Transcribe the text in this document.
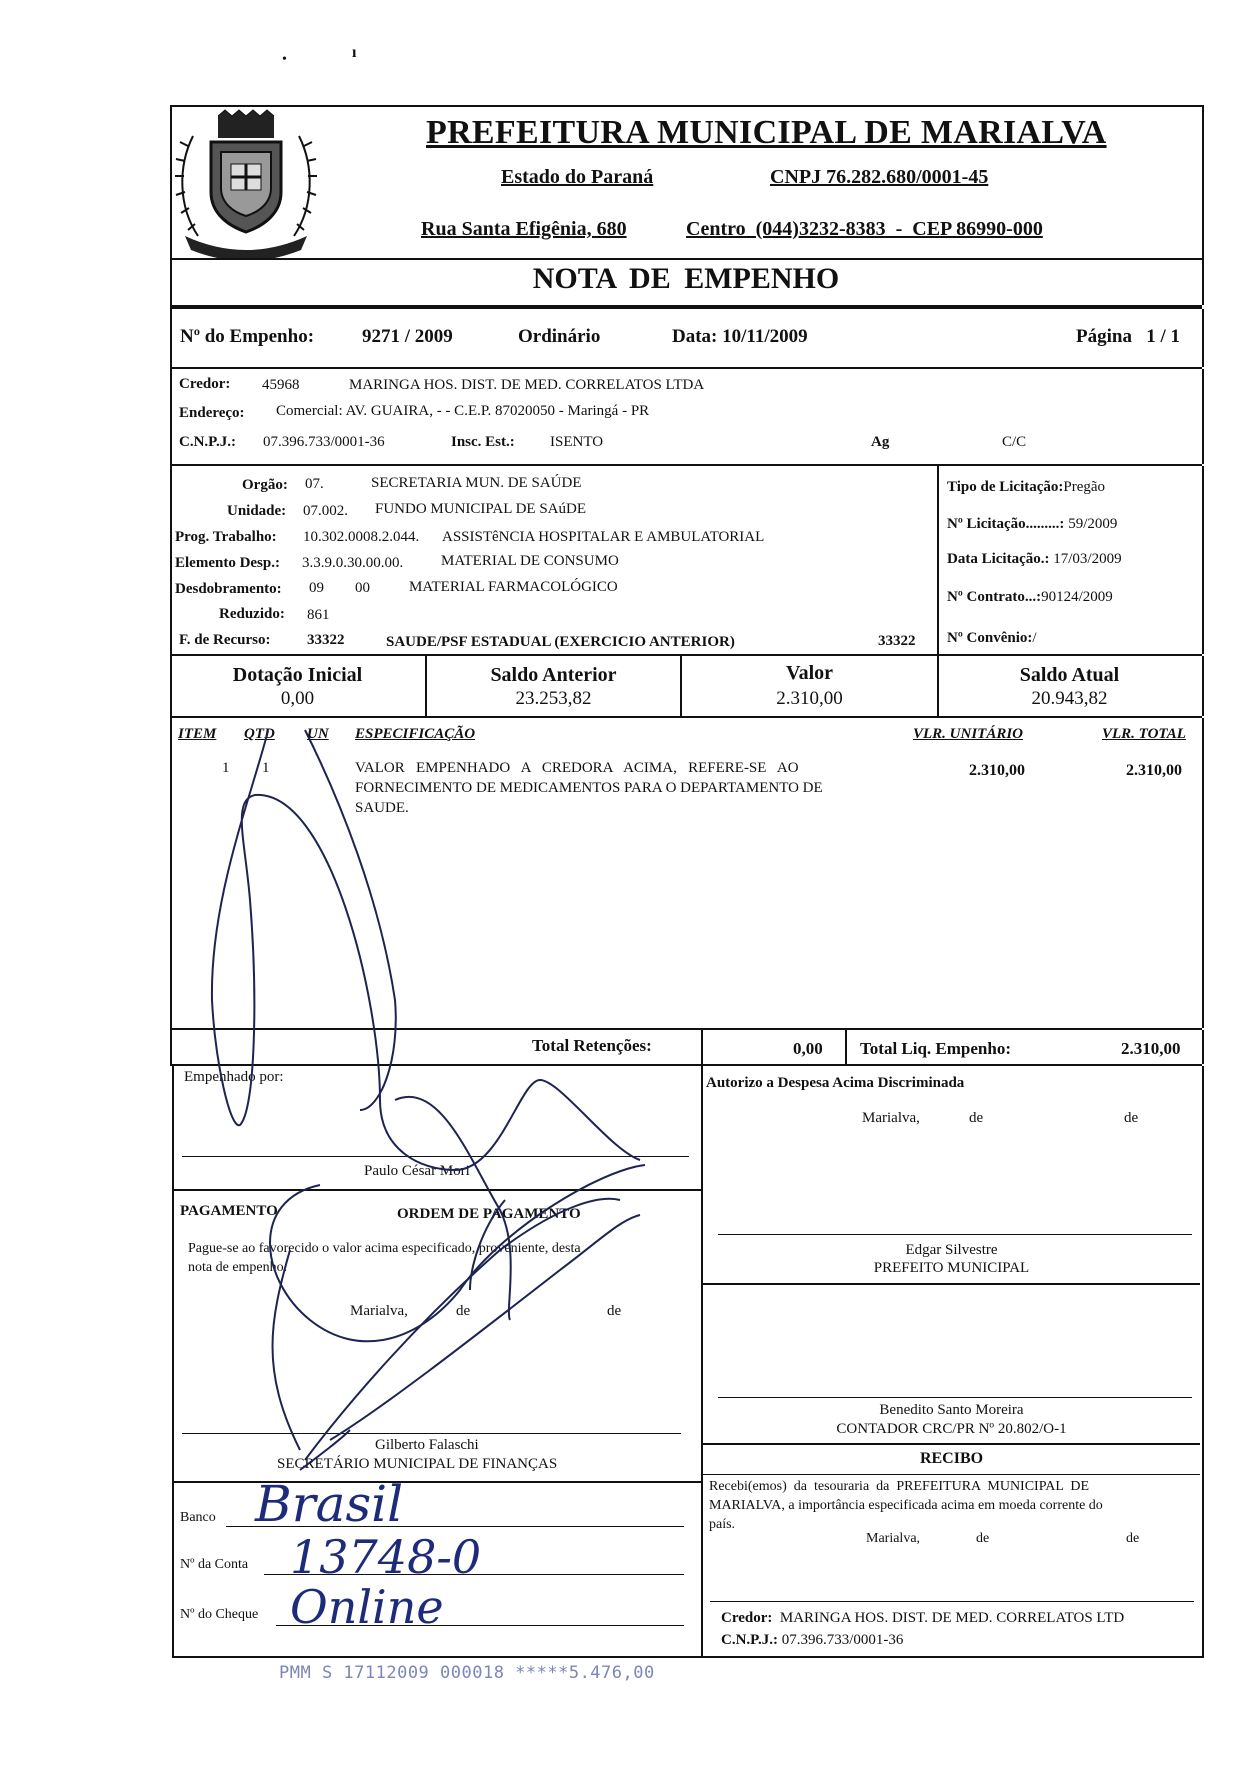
•	ı
MARIALVA
PREFEITURA MUNICIPAL DE MARIALVA
Estado do Paraná	CNPJ 76.282.680/0001-45
Rua Santa Efigênia, 680	Centro  (044)3232-8383  -  CEP 86990-000
NOTA DE EMPENHO
Nº do Empenho:	9271 / 2009	Ordinário	Data: 10/11/2009	Página   1 / 1
Credor: 45968	MARINGA HOS. DIST. DE MED. CORRELATOS LTDA
Endereço: Comercial: AV. GUAIRA, - - C.E.P. 87020050 - Maringá - PR
C.N.P.J.: 07.396.733/0001-36	Insc. Est.: ISENTO	Ag	C/C
Orgão: 07.	SECRETARIA MUN. DE SAÚDE
Unidade: 07.002. FUNDO MUNICIPAL DE SAúDE
Prog. Trabalho: 10.302.0008.2.044. ASSISTêNCIA HOSPITALAR E AMBULATORIAL
Elemento Desp.: 3.3.9.0.30.00.00.	MATERIAL DE CONSUMO
Desdobramento: 09 00	MATERIAL FARMACOLÓGICO
Reduzido: 861
F. de Recurso: 33322	SAUDE/PSF ESTADUAL (EXERCICIO ANTERIOR)	33322
Tipo de Licitação:Pregão
Nº Licitação.........: 59/2009
Data Licitação.: 17/03/2009
Nº Contrato...:90124/2009
Nº Convênio:/
Dotação Inicial
0,00
Saldo Anterior
23.253,82
Valor
2.310,00
Saldo Atual
20.943,82
ITEM QTD UN ESPECIFICAÇÃO	VLR. UNITÁRIO	VLR. TOTAL
1 1	VALOR   EMPENHADO   A   CREDORA   ACIMA,   REFERE-SE   AO
FORNECIMENTO DE MEDICAMENTOS PARA O DEPARTAMENTO DE
SAUDE.
2.310,00	2.310,00
Total Retenções:	0,00 Total Liq. Empenho:	2.310,00
Empenhado por:
Paulo César Mori
PAGAMENTO	ORDEM DE PAGAMENTO
Pague-se ao favorecido o valor acima especificado, proveniente, desta
nota de empenho.
Marialva,	de	de
Gilberto Falaschi
SECRETÁRIO MUNICIPAL DE FINANÇAS
Banco Brasil
Nº da Conta 13748-0
Nº do Cheque Online
Autorizo a Despesa Acima Discriminada
Marialva,	de	de
Edgar Silvestre
PREFEITO MUNICIPAL
Benedito Santo Moreira
CONTADOR CRC/PR Nº 20.802/O-1
RECIBO
Recebi(emos)  da  tesouraria  da  PREFEITURA  MUNICIPAL  DE
MARIALVA, a importância especificada acima em moeda corrente do
país.
Marialva,	de	de
Credor: MARINGA HOS. DIST. DE MED. CORRELATOS LTD
C.N.P.J.: 07.396.733/0001-36
PMM S 17112009 000018 *****5.476,00
